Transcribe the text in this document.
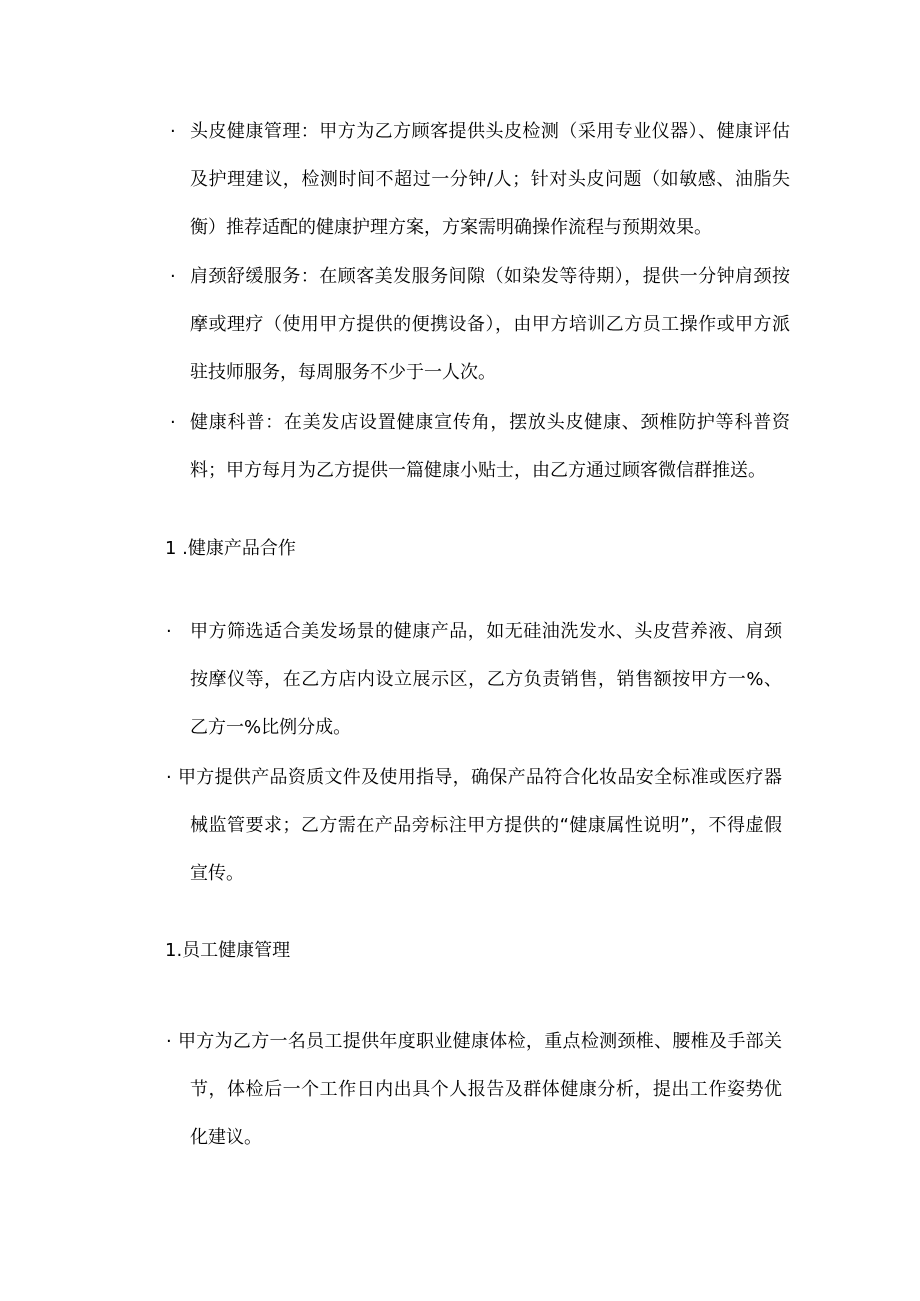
· 头皮健康管理：甲方为乙方顾客提供头皮检测（采用专业仪器）、健康评估及护理建议，检测时间不超过一分钟/人；针对头皮问题（如敏感、油脂失衡）推荐适配的健康护理方案，方案需明确操作流程与预期效果。

· 肩颈舒缓服务：在顾客美发服务间隙（如染发等待期），提供一分钟肩颈按摩或理疗（使用甲方提供的便携设备），由甲方培训乙方员工操作或甲方派驻技师服务，每周服务不少于一人次。

· 健康科普：在美发店设置健康宣传角，摆放头皮健康、颈椎防护等科普资料；甲方每月为乙方提供一篇健康小贴士，由乙方通过顾客微信群推送。

1 .健康产品合作
·	甲方筛选适合美发场景的健康产品，如无硅油洗发水、头皮营养液、肩颈按摩仪等，在乙方店内设立展示区，乙方负责销售，销售额按甲方一%、乙方一%比例分成。

· 甲方提供产品资质文件及使用指导，确保产品符合化妆品安全标准或医疗器械监管要求；乙方需在产品旁标注甲方提供的“健康属性说明”，不得虚假宣传。

1.员工健康管理
· 甲方为乙方一名员工提供年度职业健康体检，重点检测颈椎、腰椎及手部关节，体检后一个工作日内出具个人报告及群体健康分析，提出工作姿势优化建议。
